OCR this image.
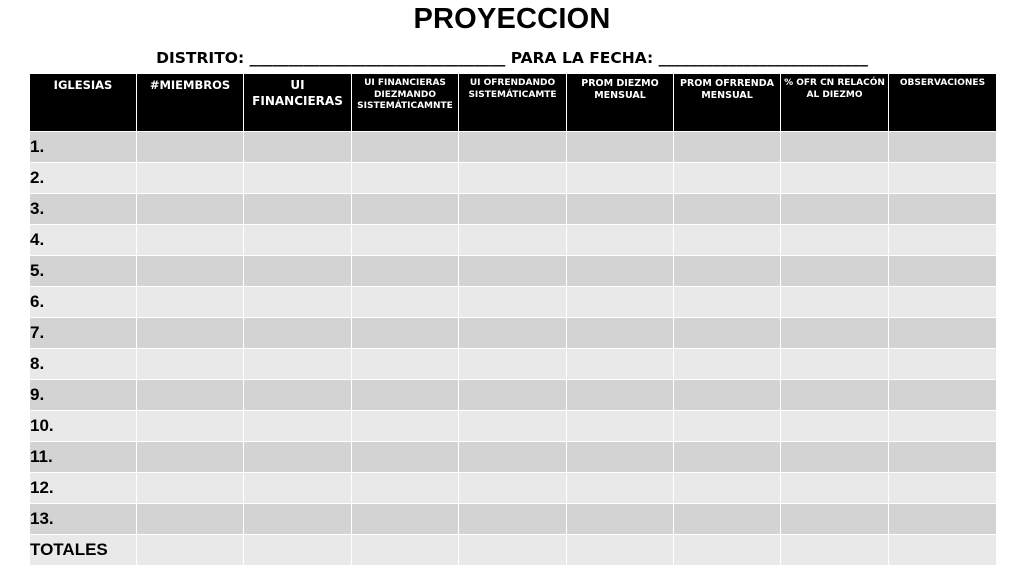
PROYECCION
DISTRITO: _________________________________ PARA LA FECHA: ___________________________
IGLESIAS	#MIEMBROS	UI FINANCIERAS	UI FINANCIERAS DIEZMANDO SISTEMÁTICAMNTE	UI OFRENDANDO SISTEMÁTICAMTE	PROM DIEZMO MENSUAL	PROM OFRRENDA MENSUAL	% OFR CN RELACÓN AL DIEZMO	OBSERVACIONES
1.								
2.								
3.								
4.								
5.								
6.								
7.								
8.								
9.								
10.								
11.								
12.								
13.								
TOTALES								
